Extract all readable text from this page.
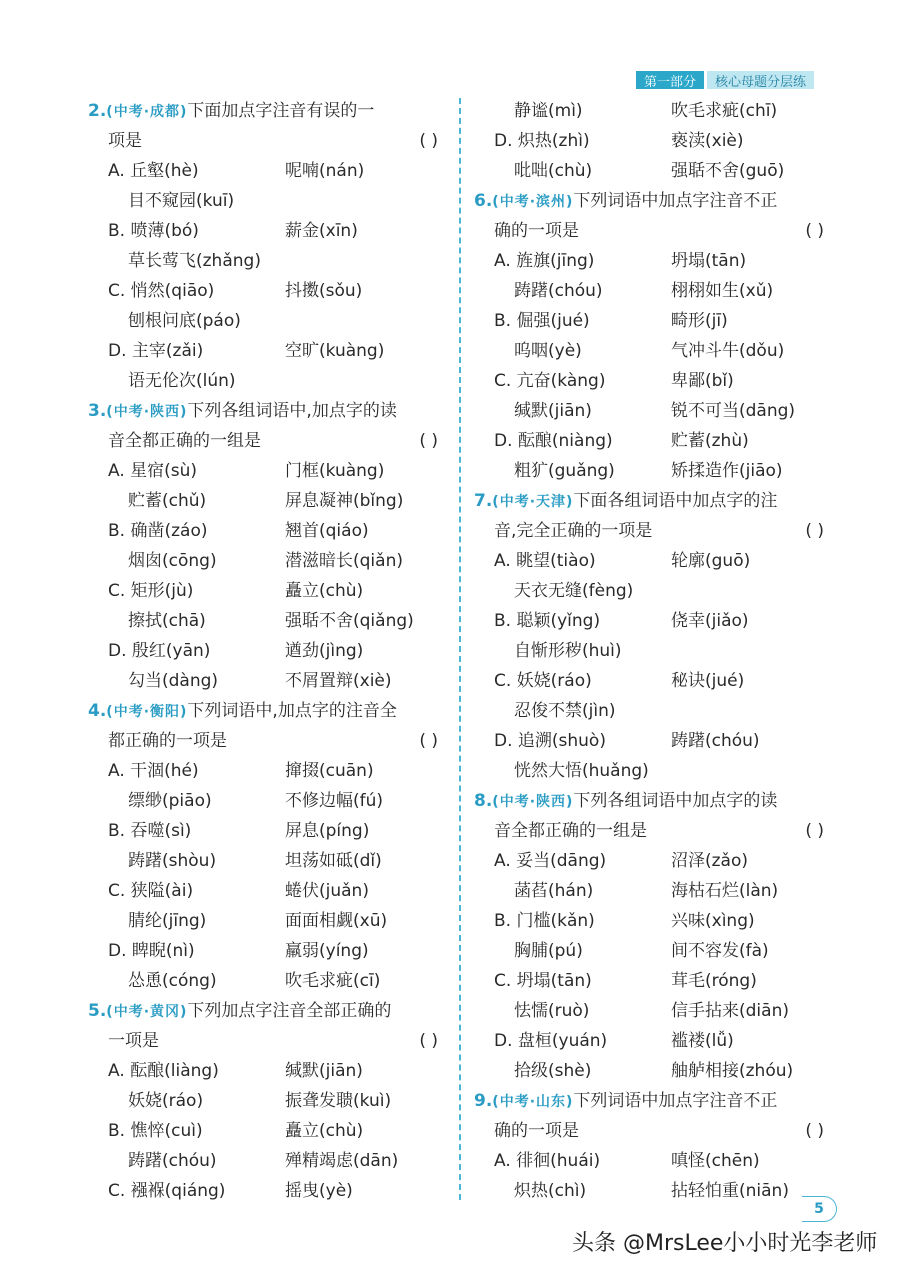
第一部分	核心母题分层练
2.(中考·成都)下面加点字注音有误的一
项是	( )
A. 丘壑(hè)	呢喃(nán)
目不窥园(kuī)
B. 喷薄(bó)	薪金(xīn)
草长莺飞(zhǎng)
C. 悄然(qiāo)	抖擞(sǒu)
刨根问底(páo)
D. 主宰(zǎi)	空旷(kuàng)
语无伦次(lún)
3.(中考·陕西)下列各组词语中,加点字的读
音全都正确的一组是	( )
A. 星宿(sù)	门框(kuàng)
贮蓄(chǔ)	屏息凝神(bǐng)
B. 确凿(záo)	翘首(qiáo)
烟囱(cōng)	潜滋暗长(qiǎn)
C. 矩形(jù)	矗立(chù)
擦拭(chā)	强聒不舍(qiǎng)
D. 殷红(yān)	遒劲(jìng)
勾当(dàng)	不屑置辩(xiè)
4.(中考·衡阳)下列词语中,加点字的注音全
都正确的一项是	( )
A. 干涸(hé)	撺掇(cuān)
缥缈(piāo)	不修边幅(fú)
B. 吞噬(sì)	屏息(píng)
踌躇(shòu)	坦荡如砥(dǐ)
C. 狭隘(ài)	蜷伏(juǎn)
腈纶(jīng)	面面相觑(xū)
D. 睥睨(nì)	羸弱(yíng)
怂恿(cóng)	吹毛求疵(cī)
5.(中考·黄冈)下列加点字注音全部正确的
一项是	( )
A. 酝酿(liàng)	缄默(jiān)
妖娆(ráo)	振聋发聩(kuì)
B. 憔悴(cuì)	矗立(chù)
踌躇(chóu)	殚精竭虑(dān)
C. 襁褓(qiáng)	摇曳(yè)
静谧(mì)	吹毛求疵(chī)
D. 炽热(zhì)	亵渎(xiè)
吡咄(chù)	强聒不舍(guō)
6.(中考·滨州)下列词语中加点字注音不正
确的一项是	( )
A. 旌旗(jīng)	坍塌(tān)
踌躇(chóu)	栩栩如生(xǔ)
B. 倔强(jué)	畸形(jī)
呜咽(yè)	气冲斗牛(dǒu)
C. 亢奋(kàng)	卑鄙(bǐ)
缄默(jiān)	锐不可当(dāng)
D. 酝酿(niàng)	贮蓄(zhù)
粗犷(guǎng)	矫揉造作(jiāo)
7.(中考·天津)下面各组词语中加点字的注
音,完全正确的一项是	( )
A. 眺望(tiào)	轮廓(guō)
天衣无缝(fèng)
B. 聪颖(yǐng)	侥幸(jiǎo)
自惭形秽(huì)
C. 妖娆(ráo)	秘诀(jué)
忍俊不禁(jìn)
D. 追溯(shuò)	踌躇(chóu)
恍然大悟(huǎng)
8.(中考·陕西)下列各组词语中加点字的读
音全都正确的一组是	( )
A. 妥当(dāng)	沼泽(zǎo)
菡萏(hán)	海枯石烂(làn)
B. 门槛(kǎn)	兴味(xìng)
胸脯(pú)	间不容发(fà)
C. 坍塌(tān)	茸毛(róng)
怯懦(ruò)	信手拈来(diān)
D. 盘桓(yuán)	褴褛(lǚ)
拾级(shè)	舳舻相接(zhóu)
9.(中考·山东)下列词语中加点字注音不正
确的一项是	( )
A. 徘徊(huái)	嗔怪(chēn)
炽热(chì)	拈轻怕重(niān)
5
头条 @MrsLee小小时光李老师
